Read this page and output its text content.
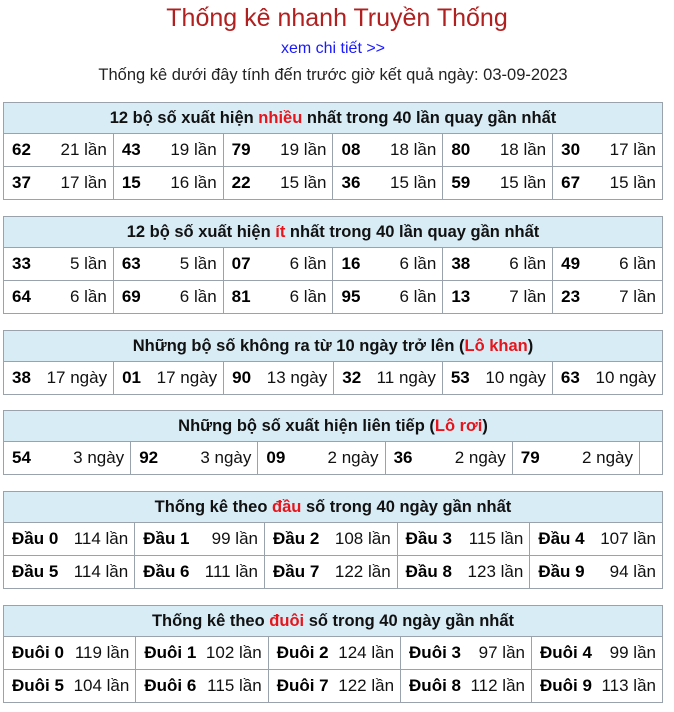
Thống kê nhanh Truyền Thống
xem chi tiết >>
Thống kê dưới đây tính đến trước giờ kết quả ngày: 03-09-2023
12 bộ số xuất hiện nhiều nhất trong 40 lần quay gần nhất					

62 21 lần	43 19 lần	79 19 lần	08 18 lần	80 18 lần	30 17 lần

37 17 lần	15 16 lần	22 15 lần	36 15 lần	59 15 lần	67 15 lần
12 bộ số xuất hiện ít nhất trong 40 lần quay gần nhất					

33 5 lần	63 5 lần	07 6 lần	16 6 lần	38 6 lần	49 6 lần

64 6 lần	69 6 lần	81 6 lần	95 6 lần	13 7 lần	23 7 lần
Những bộ số không ra từ 10 ngày trở lên (Lô khan)

38 17 ngày	01 17 ngày	90 13 ngày	32 11 ngày	53 10 ngày	63 10 ngày
Những bộ số xuất hiện liên tiếp (Lô rơi)

54 3 ngày	92 3 ngày	09 2 ngày	36 2 ngày	79 2 ngày

Thống kê theo đầu số trong 40 ngày gần nhất				

Đầu 0 114 lần	Đầu 1 99 lần	Đầu 2 108 lần	Đầu 3 115 lần	Đầu 4 107 lần

Đầu 5 114 lần	Đầu 6 111 lần	Đầu 7 122 lần	Đầu 8 123 lần	Đầu 9 94 lần
Thống kê theo đuôi số trong 40 ngày gần nhất				

Đuôi 0 119 lần	Đuôi 1 102 lần	Đuôi 2 124 lần	Đuôi 3 97 lần	Đuôi 4 99 lần

Đuôi 5 104 lần	Đuôi 6 115 lần	Đuôi 7 122 lần	Đuôi 8 112 lần	Đuôi 9 113 lần
